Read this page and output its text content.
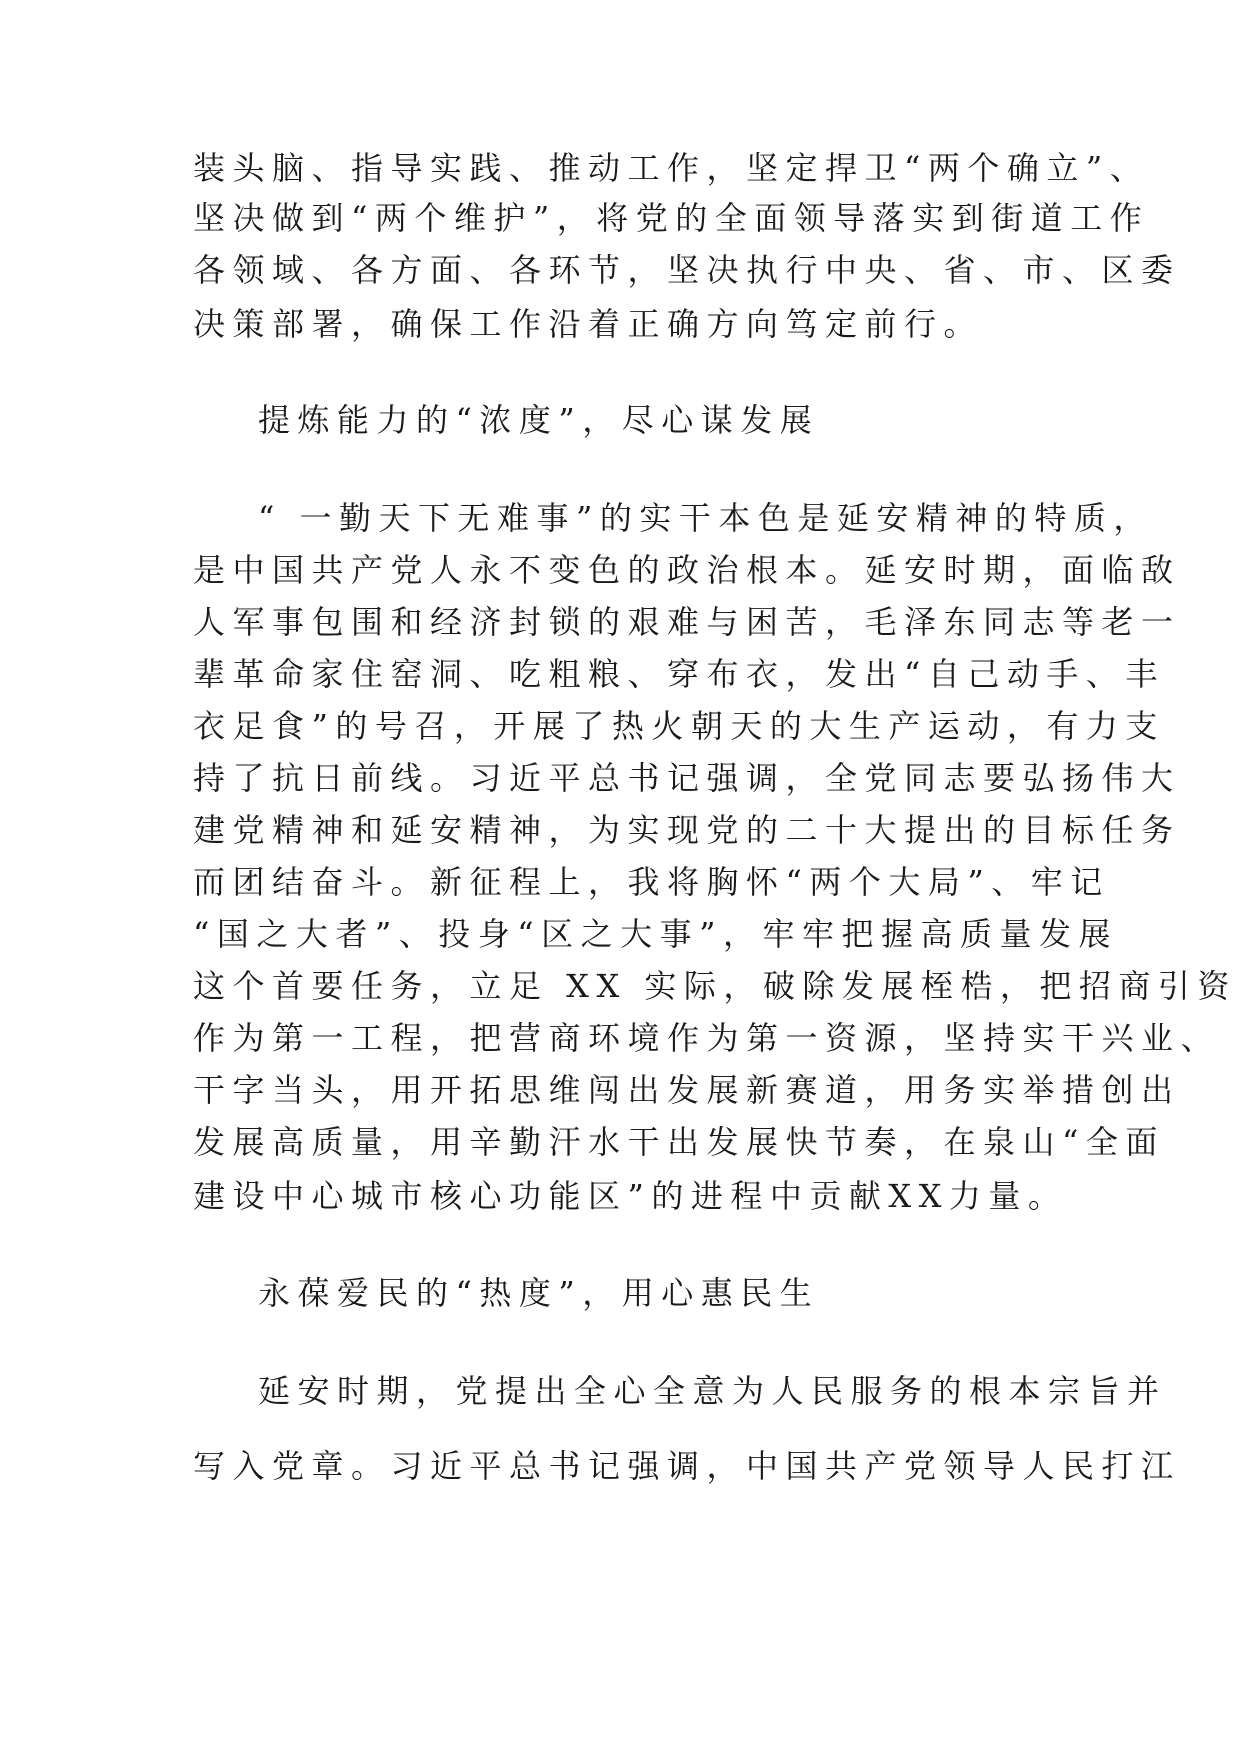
装头脑、指导实践、推动工作，坚定捍卫“两个确立”、
坚决做到“两个维护”，将党的全面领导落实到街道工作
各领域、各方面、各环节，坚决执行中央、省、市、区委
决策部署，确保工作沿着正确方向笃定前行。
提炼能力的“浓度”，尽心谋发展
“ 一勤天下无难事”的实干本色是延安精神的特质，
是中国共产党人永不变色的政治根本。延安时期，面临敌
人军事包围和经济封锁的艰难与困苦，毛泽东同志等老一
辈革命家住窑洞、吃粗粮、穿布衣，发出“自己动手、丰
衣足食”的号召，开展了热火朝天的大生产运动，有力支
持了抗日前线。习近平总书记强调，全党同志要弘扬伟大
建党精神和延安精神，为实现党的二十大提出的目标任务
而团结奋斗。新征程上，我将胸怀“两个大局”、牢记
“国之大者”、投身“区之大事”，牢牢把握高质量发展
这个首要任务，立足 XX 实际，破除发展桎梏，把招商引资
作为第一工程，把营商环境作为第一资源，坚持实干兴业、
干字当头，用开拓思维闯出发展新赛道，用务实举措创出
发展高质量，用辛勤汗水干出发展快节奏，在泉山“全面
建设中心城市核心功能区”的进程中贡献XX力量。
永葆爱民的“热度”，用心惠民生
延安时期，党提出全心全意为人民服务的根本宗旨并
写入党章。习近平总书记强调，中国共产党领导人民打江
